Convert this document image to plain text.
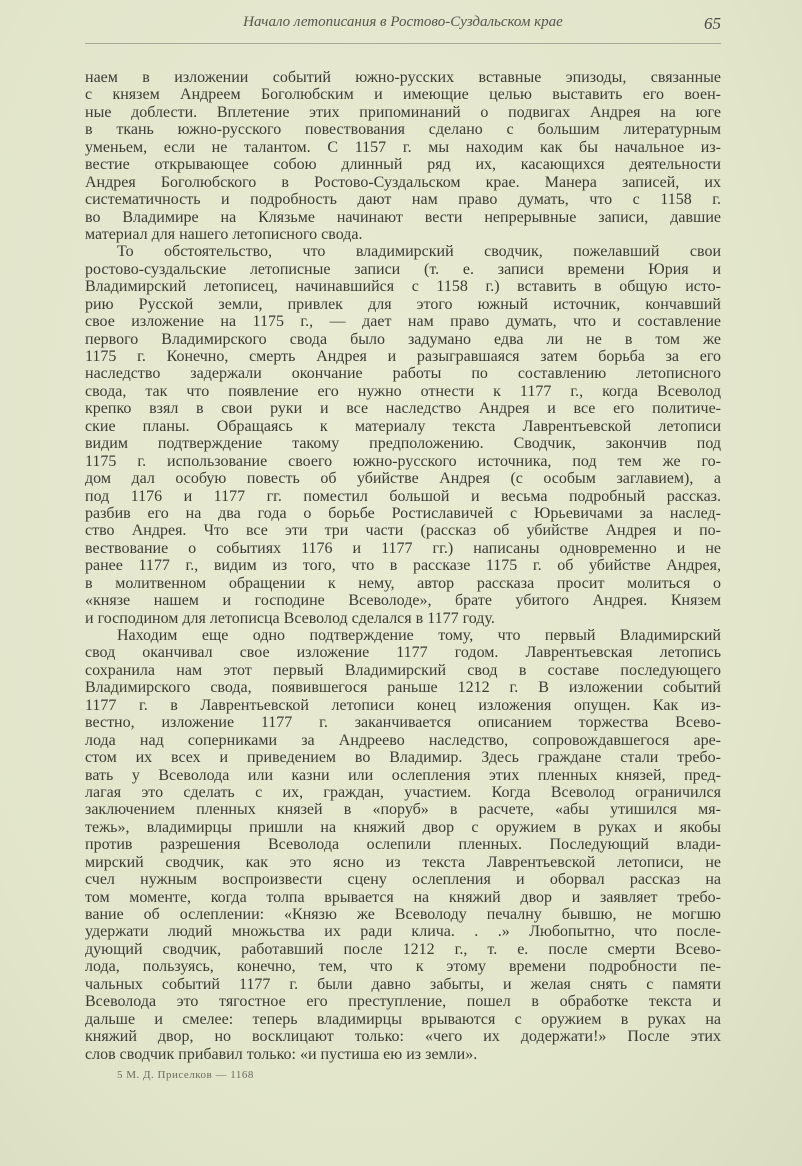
Начало летописания в Ростово-Суздальском крае	65
наем в изложении событий южно-русских вставные эпизоды, связанные
с князем Андреем Боголюбским и имеющие целью выставить его воен-
ные доблести. Вплетение этих припоминаний о подвигах Андрея на юге
в ткань южно-русского повествования сделано с большим литературным
уменьем, если не талантом. С 1157 г. мы находим как бы начальное из-
вестие открывающее собою длинный ряд их, касающихся деятельности
Андрея Боголюбского в Ростово-Суздальском крае. Манера записей, их
систематичность и подробность дают нам право думать, что с 1158 г.
во Владимире на Клязьме начинают вести непрерывные записи, давшие
материал для нашего летописного свода.
То обстоятельство, что владимирский сводчик, пожелавший свои
ростово-суздальские летописные записи (т. е. записи времени Юрия и
Владимирский летописец, начинавшийся с 1158 г.) вставить в общую исто-
рию Русской земли, привлек для этого южный источник, кончавший
свое изложение на 1175 г., — дает нам право думать, что и составление
первого Владимирского свода было задумано едва ли не в том же
1175 г. Конечно, смерть Андрея и разыгравшаяся затем борьба за его
наследство задержали окончание работы по составлению летописного
свода, так что появление его нужно отнести к 1177 г., когда Всеволод
крепко взял в свои руки и все наследство Андрея и все его политиче-
ские планы. Обращаясь к материалу текста Лаврентьевской летописи
видим подтверждение такому предположению. Сводчик, закончив под
1175 г. использование своего южно-русского источника, под тем же го-
дом дал особую повесть об убийстве Андрея (с особым заглавием), а
под 1176 и 1177 гг. поместил большой и весьма подробный рассказ.
разбив его на два года о борьбе Ростиславичей с Юрьевичами за наслед-
ство Андрея. Что все эти три части (рассказ об убийстве Андрея и по-
вествование о событиях 1176 и 1177 гг.) написаны одновременно и не
ранее 1177 г., видим из того, что в рассказе 1175 г. об убийстве Андрея,
в молитвенном обращении к нему, автор рассказа просит молиться о
«князе нашем и господине Всеволоде», брате убитого Андрея. Князем
и господином для летописца Всеволод сделался в 1177 году.
Находим еще одно подтверждение тому, что первый Владимирский
свод оканчивал свое изложение 1177 годом. Лаврентьевская летопись
сохранила нам этот первый Владимирский свод в составе последующего
Владимирского свода, появившегося раньше 1212 г. В изложении событий
1177 г. в Лаврентьевской летописи конец изложения опущен. Как из-
вестно, изложение 1177 г. заканчивается описанием торжества Всево-
лода над соперниками за Андреево наследство, сопровождавшегося аре-
стом их всех и приведением во Владимир. Здесь граждане стали требо-
вать у Всеволода или казни или ослепления этих пленных князей, пред-
лагая это сделать с их, граждан, участием. Когда Всеволод ограничился
заключением пленных князей в «поруб» в расчете, «абы утишился мя-
тежь», владимирцы пришли на княжий двор с оружием в руках и якобы
против разрешения Всеволода ослепили пленных. Последующий влади-
мирский сводчик, как это ясно из текста Лаврентьевской летописи, не
счел нужным воспроизвести сцену ослепления и оборвал рассказ на
том моменте, когда толпа врывается на княжий двор и заявляет требо-
вание об ослеплении: «Князю же Всеволоду печалну бывшю, не могшю
удержати людий множьства их ради клича. . .» Любопытно, что после-
дующий сводчик, работавший после 1212 г., т. е. после смерти Всево-
лода, пользуясь, конечно, тем, что к этому времени подробности пе-
чальных событий 1177 г. были давно забыты, и желая снять с памяти
Всеволода это тягостное его преступление, пошел в обработке текста и
дальше и смелее: теперь владимирцы врываются с оружием в руках на
княжий двор, но восклицают только: «чего их додержати!» После этих
слов сводчик прибавил только: «и пустиша ею из земли».
5 М. Д. Приселков — 1168
